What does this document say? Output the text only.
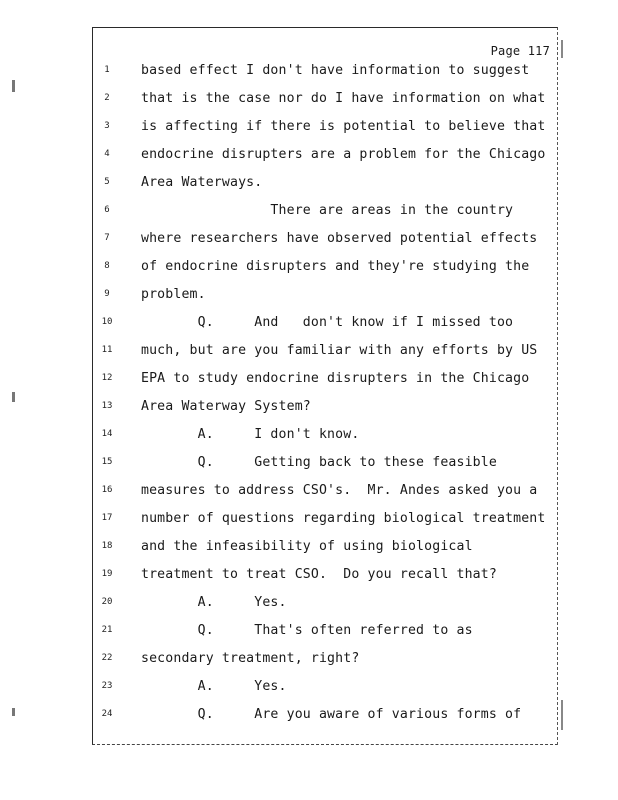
Page 117
1	based effect I don't have information to suggest
2	that is the case nor do I have information on what
3	is affecting if there is potential to believe that
4	endocrine disrupters are a problem for the Chicago
5	Area Waterways.
6	There are areas in the country
7	where researchers have observed potential effects
8	of endocrine disrupters and they're studying the
9	problem.
10	Q.     And   don't know if I missed too
11	much, but are you familiar with any efforts by US
12	EPA to study endocrine disrupters in the Chicago
13	Area Waterway System?
14	A.     I don't know.
15	Q.     Getting back to these feasible
16	measures to address CSO's.  Mr. Andes asked you a
17	number of questions regarding biological treatment
18	and the infeasibility of using biological
19	treatment to treat CSO.  Do you recall that?
20	A.     Yes.
21	Q.     That's often referred to as
22	secondary treatment, right?
23	A.     Yes.
24	Q.     Are you aware of various forms of
